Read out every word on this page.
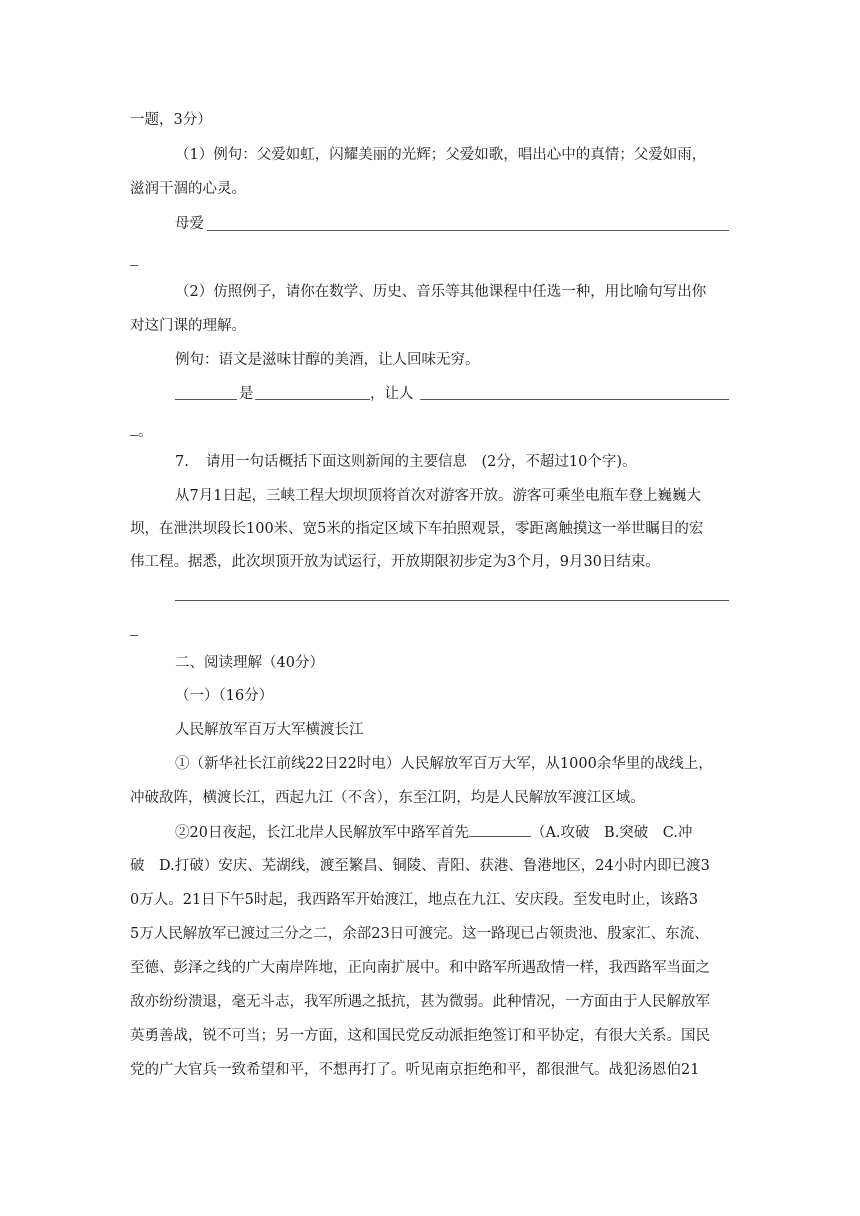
一题，3分）
（1）例句：父爱如虹，闪耀美丽的光辉；父爱如歌，唱出心中的真情；父爱如雨，
滋润干涸的心灵。
母爱
（2）仿照例子，请你在数学、历史、音乐等其他课程中任选一种，用比喻句写出你
对这门课的理解。
例句：语文是滋味甘醇的美酒，让人回味无穷。
是	，让人
。
7. 请用一句话概括下面这则新闻的主要信息　(2分，不超过10个字)。
从7月1日起，三峡工程大坝坝顶将首次对游客开放。游客可乘坐电瓶车登上巍巍大
坝，在泄洪坝段长100米、宽5米的指定区域下车拍照观景，零距离触摸这一举世瞩目的宏
伟工程。据悉，此次坝顶开放为试运行，开放期限初步定为3个月，9月30日结束。
二、阅读理解（40分）
（一）（16分）
人民解放军百万大军横渡长江
①（新华社长江前线22日22时电）人民解放军百万大军，从1000余华里的战线上，
冲破敌阵，横渡长江，西起九江（不含），东至江阴，均是人民解放军渡江区域。
②20日夜起，长江北岸人民解放军中路军首先	（A.攻破　B.突破　C.冲
破　D.打破）安庆、芜湖线，渡至繁昌、铜陵、青阳、获港、鲁港地区，24小时内即已渡3
0万人。21日下午5时起，我西路军开始渡江，地点在九江、安庆段。至发电时止，该路3
5万人民解放军已渡过三分之二，余部23日可渡完。这一路现已占领贵池、殷家汇、东流、
至德、彭泽之线的广大南岸阵地，正向南扩展中。和中路军所遇敌情一样，我西路军当面之
敌亦纷纷溃退，毫无斗志，我军所遇之抵抗，甚为微弱。此种情况，一方面由于人民解放军
英勇善战，锐不可当；另一方面，这和国民党反动派拒绝签订和平协定，有很大关系。国民
党的广大官兵一致希望和平，不想再打了。听见南京拒绝和平，都很泄气。战犯汤恩伯21
